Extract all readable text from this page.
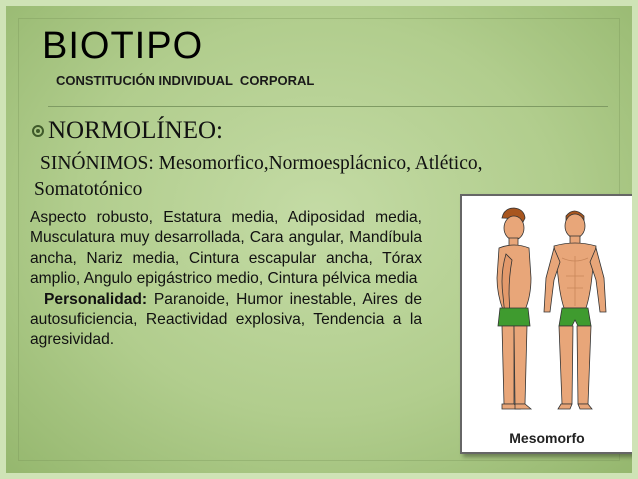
BIOTIPO
CONSTITUCIÓN INDIVIDUAL  CORPORAL
NORMOLÍNEO:
SINÓNIMOS: Mesomorfico,Normoesplácnico, Atlético,
Somatotónico

Aspecto robusto, Estatura media, Adiposidad media, Musculatura muy desarrollada, Cara angular, Mandíbula ancha, Nariz media, Cintura escapular ancha, Tórax amplio, Angulo epigástrico medio, Cintura pélvica media

Personalidad: Paranoide, Humor inestable, Aires de autosuficiencia, Reactividad explosiva, Tendencia a la agresividad.

Mesomorfo
